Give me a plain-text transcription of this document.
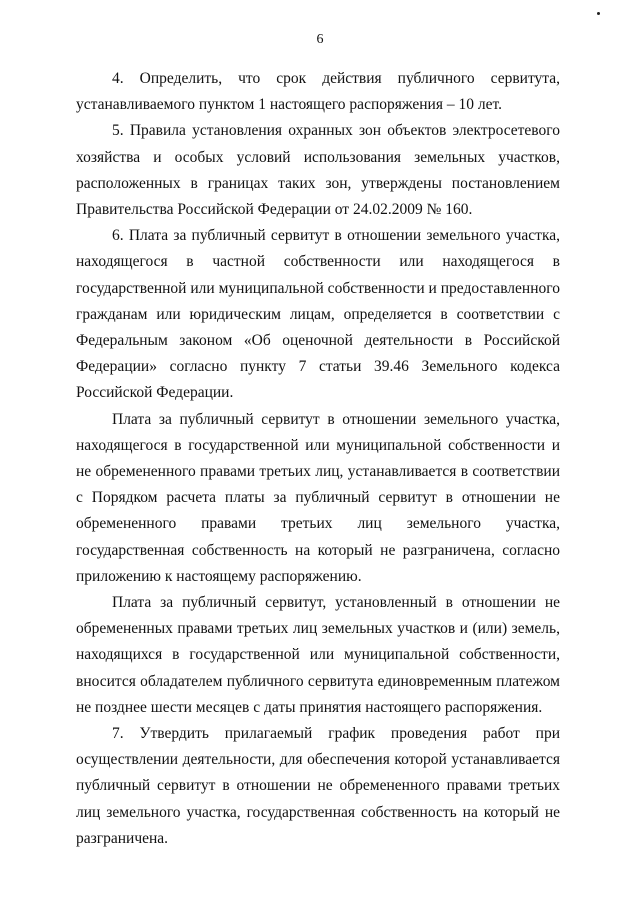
6

4. Определить, что срок действия публичного сервитута, устанавливаемого пунктом 1 настоящего распоряжения – 10 лет.

5. Правила установления охранных зон объектов электросетевого хозяйства и особых условий использования земельных участков, расположенных в границах таких зон, утверждены постановлением Правительства Российской Федерации от 24.02.2009 № 160.

6. Плата за публичный сервитут в отношении земельного участка, находящегося в частной собственности или находящегося в государственной или муниципальной собственности и предоставленного гражданам или юридическим лицам, определяется в соответствии с Федеральным законом «Об оценочной деятельности в Российской Федерации» согласно пункту 7 статьи 39.46 Земельного кодекса Российской Федерации.

Плата за публичный сервитут в отношении земельного участка, находящегося в государственной или муниципальной собственности и не обремененного правами третьих лиц, устанавливается в соответствии с Порядком расчета платы за публичный сервитут в отношении не обремененного правами третьих лиц земельного участка, государственная собственность на который не разграничена, согласно приложению к настоящему распоряжению.

Плата за публичный сервитут, установленный в отношении не обремененных правами третьих лиц земельных участков и (или) земель, находящихся в государственной или муниципальной собственности, вносится обладателем публичного сервитута единовременным платежом не позднее шести месяцев с даты принятия настоящего распоряжения.

7. Утвердить прилагаемый график проведения работ при осуществлении деятельности, для обеспечения которой устанавливается публичный сервитут в отношении не обремененного правами третьих лиц земельного участка, государственная собственность на который не разграничена.
